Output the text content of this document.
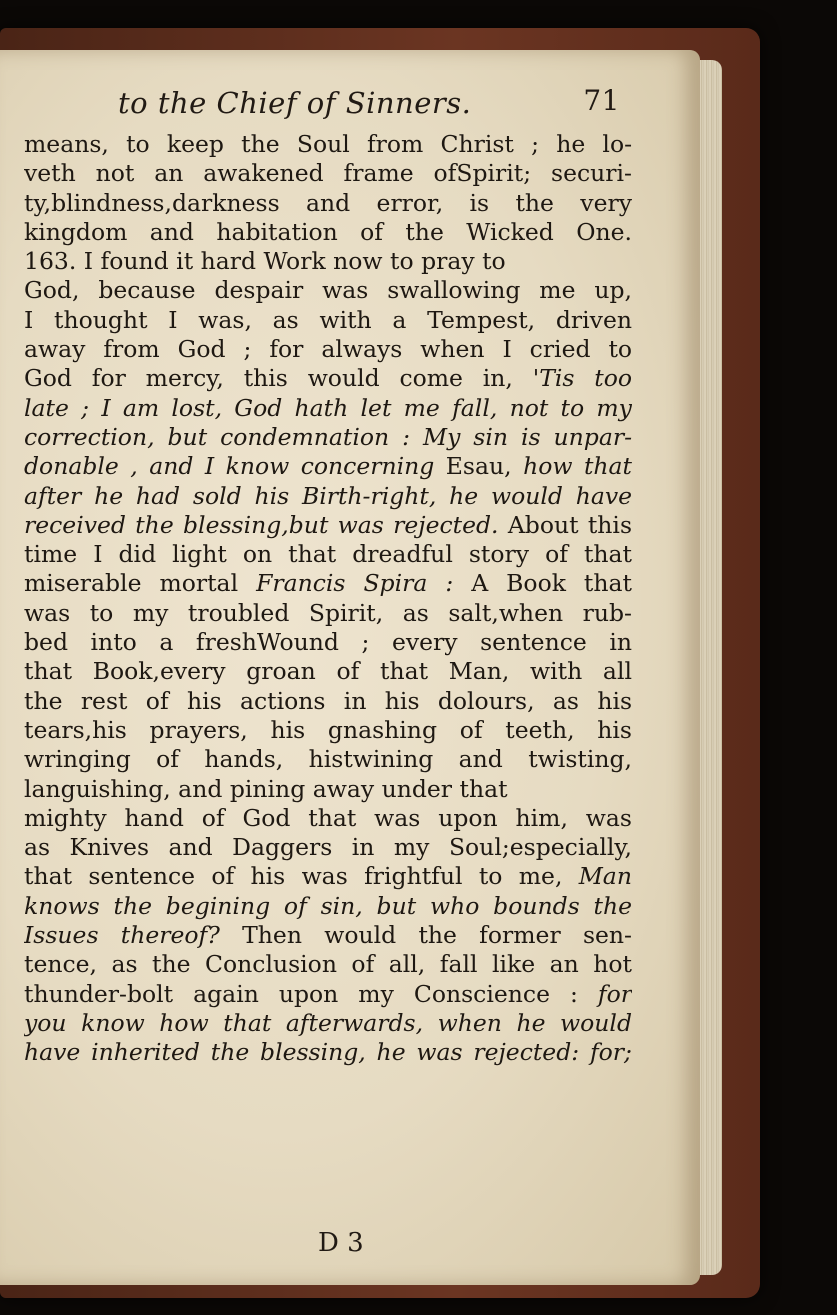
to the Chief of Sinners.	71
means, to keep the Soul from Christ ; he lo-
veth not an awakened frame ofSpirit; securi-
ty,blindness,darkness and error, is the very
kingdom and habitation of the Wicked One.
163. I found it hard Work now to pray to
God, because despair was swallowing me up,
I thought I was, as with a Tempest, driven
away from God ; for always when I cried to
God for mercy, this would come in, 'Tis too
late ; I am lost, God hath let me fall, not to my
correction, but condemnation : My sin is unpar-
donable , and I know concerning Esau, how that
after he had sold his Birth-right, he would have
received the blessing,but was rejected. About this
time I did light on that dreadful story of that
miserable mortal Francis Spira : A Book that
was to my troubled Spirit, as salt,when rub-
bed into a freshWound ; every sentence in
that Book,every groan of that Man, with all
the rest of his actions in his dolours, as his
tears,his prayers, his gnashing of teeth, his
wringing of hands, histwining and twisting,
languishing, and pining away under that
mighty hand of God that was upon him, was
as Knives and Daggers in my Soul;especially,
that sentence of his was frightful to me, Man
knows the begining of sin, but who bounds the
Issues thereof? Then would the former sen-
tence, as the Conclusion of all, fall like an hot
thunder-bolt again upon my Conscience : for
you know how that afterwards, when he would
have inherited the blessing, he was rejected: for;
D 3
